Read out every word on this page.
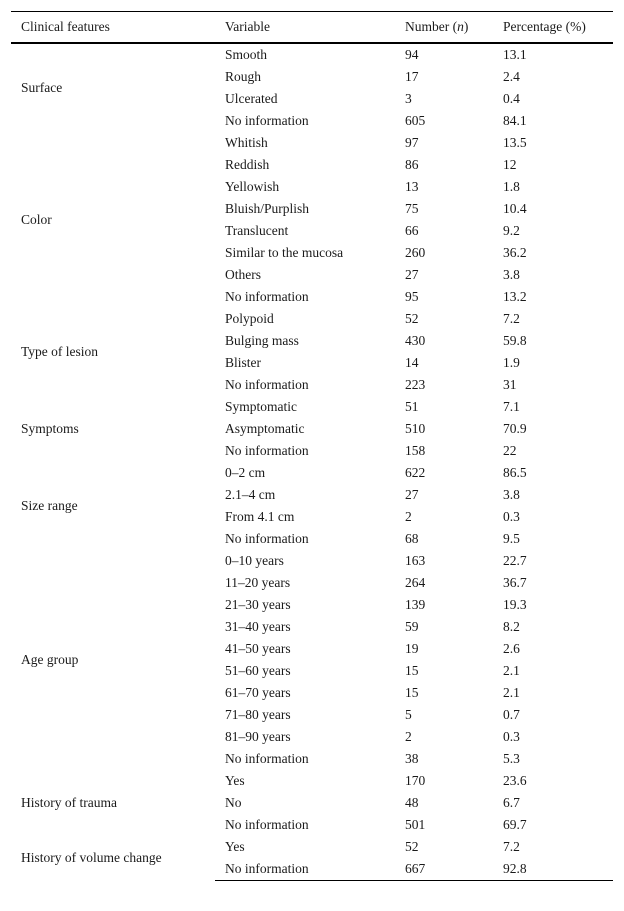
Clinical features	Variable	Number (n)	Percentage (%)
Surface	Smooth	94	13.1
	Rough	17	2.4
	Ulcerated	3	0.4
	No information	605	84.1
Color	Whitish	97	13.5
	Reddish	86	12
	Yellowish	13	1.8
	Bluish/Purplish	75	10.4
	Translucent	66	9.2
	Similar to the mucosa	260	36.2
	Others	27	3.8
	No information	95	13.2
Type of lesion	Polypoid	52	7.2
	Bulging mass	430	59.8
	Blister	14	1.9
	No information	223	31
Symptoms	Symptomatic	51	7.1
	Asymptomatic	510	70.9
	No information	158	22
Size range	0–2 cm	622	86.5
	2.1–4 cm	27	3.8
	From 4.1 cm	2	0.3
	No information	68	9.5
Age group	0–10 years	163	22.7
	11–20 years	264	36.7
	21–30 years	139	19.3
	31–40 years	59	8.2
	41–50 years	19	2.6
	51–60 years	15	2.1
	61–70 years	15	2.1
	71–80 years	5	0.7
	81–90 years	2	0.3
	No information	38	5.3
History of trauma	Yes	170	23.6
	No	48	6.7
	No information	501	69.7
History of volume change	Yes	52	7.2
	No information	667	92.8
